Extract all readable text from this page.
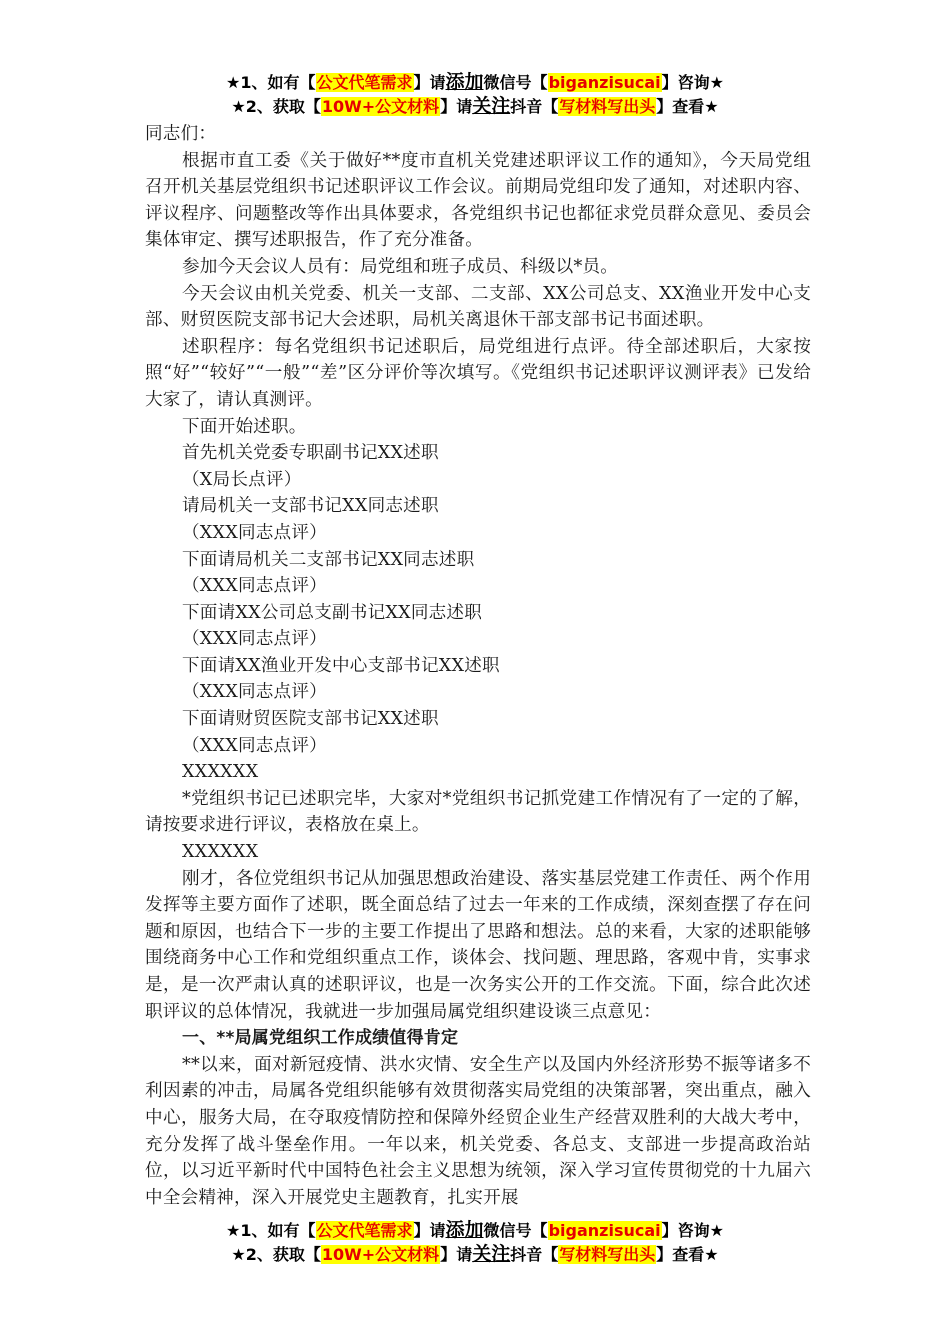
★1、如有【公文代笔需求】请添加微信号【biganzisucai】咨询★
★2、获取【10W+公文材料】请关注抖音【写材料写出头】查看★

同志们：

根据市直工委《关于做好**度市直机关党建述职评议工作的通知》，今天局党组召开机关基层党组织书记述职评议工作会议。前期局党组印发了通知，对述职内容、评议程序、问题整改等作出具体要求，各党组织书记也都征求党员群众意见、委员会集体审定、撰写述职报告，作了充分准备。

参加今天会议人员有：局党组和班子成员、科级以*员。

今天会议由机关党委、机关一支部、二支部、XX公司总支、XX渔业开发中心支部、财贸医院支部书记大会述职，局机关离退休干部支部书记书面述职。

述职程序：每名党组织书记述职后，局党组进行点评。待全部述职后，大家按照“好”“较好”“一般”“差”区分评价等次填写。《党组织书记述职评议测评表》已发给大家了，请认真测评。

下面开始述职。

首先机关党委专职副书记XX述职

（X局长点评）

请局机关一支部书记XX同志述职

（XXX同志点评）

下面请局机关二支部书记XX同志述职

（XXX同志点评）

下面请XX公司总支副书记XX同志述职

（XXX同志点评）

下面请XX渔业开发中心支部书记XX述职

（XXX同志点评）

下面请财贸医院支部书记XX述职

（XXX同志点评）

XXXXXX

*党组织书记已述职完毕，大家对*党组织书记抓党建工作情况有了一定的了解，请按要求进行评议，表格放在桌上。

XXXXXX

刚才，各位党组织书记从加强思想政治建设、落实基层党建工作责任、两个作用发挥等主要方面作了述职，既全面总结了过去一年来的工作成绩，深刻查摆了存在问题和原因，也结合下一步的主要工作提出了思路和想法。总的来看，大家的述职能够围绕商务中心工作和党组织重点工作，谈体会、找问题、理思路，客观中肯，实事求是，是一次严肃认真的述职评议，也是一次务实公开的工作交流。下面，综合此次述职评议的总体情况，我就进一步加强局属党组织建设谈三点意见：

一、**局属党组织工作成绩值得肯定

**以来，面对新冠疫情、洪水灾情、安全生产以及国内外经济形势不振等诸多不利因素的冲击，局属各党组织能够有效贯彻落实局党组的决策部署，突出重点，融入中心，服务大局，在夺取疫情防控和保障外经贸企业生产经营双胜利的大战大考中，充分发挥了战斗堡垒作用。一年以来，机关党委、各总支、支部进一步提高政治站位，以习近平新时代中国特色社会主义思想为统领，深入学习宣传贯彻党的十九届六中全会精神，深入开展党史主题教育，扎实开展

★1、如有【公文代笔需求】请添加微信号【biganzisucai】咨询★
★2、获取【10W+公文材料】请关注抖音【写材料写出头】查看★
